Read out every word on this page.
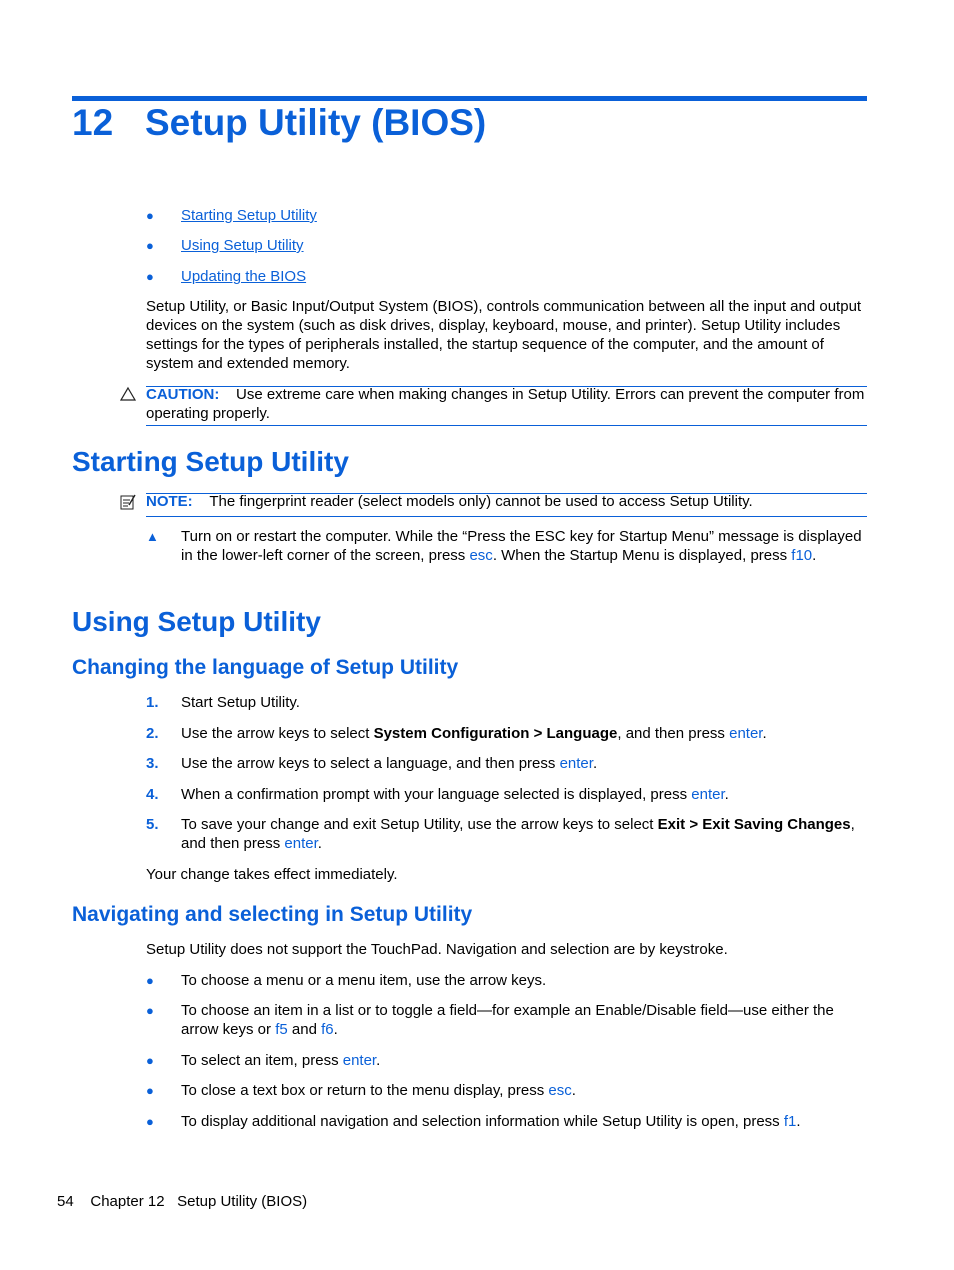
12 Setup Utility (BIOS)
●	Starting Setup Utility
●	Using Setup Utility
●	Updating the BIOS
Setup Utility, or Basic Input/Output System (BIOS), controls communication between all the input and output devices on the system (such as disk drives, display, keyboard, mouse, and printer). Setup Utility includes settings for the types of peripherals installed, the startup sequence of the computer, and the amount of system and extended memory.
CAUTION: Use extreme care when making changes in Setup Utility. Errors can prevent the computer from operating properly.
Starting Setup Utility
NOTE: The fingerprint reader (select models only) cannot be used to access Setup Utility.
▲ Turn on or restart the computer. While the “Press the ESC key for Startup Menu” message is displayed in the lower-left corner of the screen, press esc. When the Startup Menu is displayed, press f10.
Using Setup Utility
Changing the language of Setup Utility
1. Start Setup Utility.
2. Use the arrow keys to select System Configuration > Language, and then press enter.
3. Use the arrow keys to select a language, and then press enter.
4. When a confirmation prompt with your language selected is displayed, press enter.
5. To save your change and exit Setup Utility, use the arrow keys to select Exit > Exit Saving Changes, and then press enter.
Your change takes effect immediately.
Navigating and selecting in Setup Utility
Setup Utility does not support the TouchPad. Navigation and selection are by keystroke.
●	To choose a menu or a menu item, use the arrow keys.
●	To choose an item in a list or to toggle a field—for example an Enable/Disable field—use either the arrow keys or f5 and f6.
●	To select an item, press enter.
●	To close a text box or return to the menu display, press esc.
●	To display additional navigation and selection information while Setup Utility is open, press f1.
54 Chapter 12 Setup Utility (BIOS)
